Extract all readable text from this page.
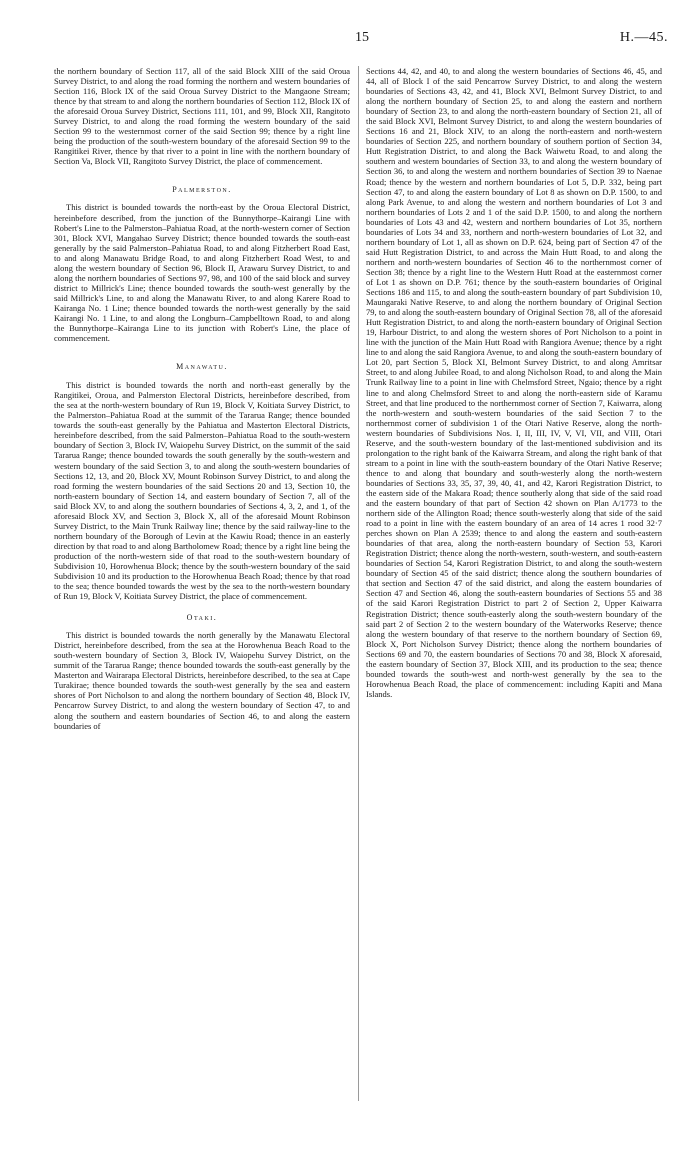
15	H.—45.

the northern boundary of Section 117, all of the said Block XIII of the said Oroua Survey District, to and along the road forming the northern and western boundaries of Section 116, Block IX of the said Oroua Survey District to the Mangaone Stream; thence by that stream to and along the northern boundaries of Section 112, Block IX of the aforesaid Oroua Survey District, Sections 111, 101, and 99, Block XII, Rangitoto Survey District, to and along the road forming the western boundary of the said Section 99 to the westernmost corner of the said Section 99; thence by a right line being the production of the south-western boundary of the aforesaid Section 99 to the Rangitikei River, thence by that river to a point in line with the northern boundary of Section Va, Block VII, Rangitoto Survey District, the place of commencement.

Palmerston.

This district is bounded towards the north-east by the Oroua Electoral District, hereinbefore described, from the junction of the Bunnythorpe–Kairangi Line with Robert's Line to the Palmerston–Pahiatua Road, at the north-western corner of Section 301, Block XVI, Mangahao Survey District; thence bounded towards the south-east generally by the said Palmerston–Pahiatua Road, to and along Fitzherbert Road East, to and along Manawatu Bridge Road, to and along Fitzherbert Road West, to and along the western boundary of Section 96, Block II, Arawaru Survey District, to and along the northern boundaries of Sections 97, 98, and 100 of the said block and survey district to Millrick's Line; thence bounded towards the south-west generally by the said Millrick's Line, to and along the Manawatu River, to and along Karere Road to Kairanga No. 1 Line; thence bounded towards the north-west generally by the said Kairangi No. 1 Line, to and along the Longburn–Campbelltown Road, to and along the Bunnythorpe–Kairanga Line to its junction with Robert's Line, the place of commencement.

Manawatu.

This district is bounded towards the north and north-east generally by the Rangitikei, Oroua, and Palmerston Electoral Districts, hereinbefore described, from the sea at the north-western boundary of Run 19, Block V, Koitiata Survey District, to the Palmerston–Pahiatua Road at the summit of the Tararua Range; thence bounded towards the south-east generally by the Pahiatua and Masterton Electoral Districts, hereinbefore described, from the said Palmerston–Pahiatua Road to the south-western boundary of Section 3, Block IV, Waiopehu Survey District, on the summit of the said Tararua Range; thence bounded towards the south generally by the south-western and western boundary of the said Section 3, to and along the south-western boundaries of Sections 12, 13, and 20, Block XV, Mount Robinson Survey District, to and along the road forming the western boundaries of the said Sections 20 and 13, Section 10, the north-eastern boundary of Section 14, and eastern boundary of Section 7, all of the said Block XV, to and along the southern boundaries of Sections 4, 3, 2, and 1, of the aforesaid Block XV, and Section 3, Block X, all of the aforesaid Mount Robinson Survey District, to the Main Trunk Railway line; thence by the said railway-line to the northern boundary of the Borough of Levin at the Kawiu Road; thence in an easterly direction by that road to and along Bartholomew Road; thence by a right line being the production of the north-western side of that road to the south-western boundary of Subdivision 10, Horowhenua Block; thence by the south-western boundary of the said Subdivision 10 and its production to the Horowhenua Beach Road; thence by that road to the sea; thence bounded towards the west by the sea to the north-western boundary of Run 19, Block V, Koitiata Survey District, the place of commencement.

Otaki.

This district is bounded towards the north generally by the Manawatu Electoral District, hereinbefore described, from the sea at the Horowhenua Beach Road to the south-western boundary of Section 3, Block IV, Waiopehu Survey District, on the summit of the Tararua Range; thence bounded towards the south-east generally by the Masterton and Wairarapa Electoral Districts, hereinbefore described, to the sea at Cape Turakirae; thence bounded towards the south-west generally by the sea and eastern shores of Port Nicholson to and along the northern boundary of Section 48, Block IV, Pencarrow Survey District, to and along the western boundary of Section 47, to and along the southern and eastern boundaries of Section 46, to and along the eastern boundaries of

Sections 44, 42, and 40, to and along the western boundaries of Sections 46, 45, and 44, all of Block I of the said Pencarrow Survey District, to and along the western boundaries of Sections 43, 42, and 41, Block XVI, Belmont Survey District, to and along the northern boundary of Section 25, to and along the eastern and northern boundary of Section 23, to and along the north-eastern boundary of Section 21, all of the said Block XVI, Belmont Survey District, to and along the western boundaries of Sections 16 and 21, Block XIV, to an along the north-eastern and north-western boundaries of Section 225, and northern boundary of southern portion of Section 34, Hutt Registration District, to and along the Back Waiwetu Road, to and along the southern and western boundaries of Section 33, to and along the western boundary of Section 36, to and along the western and northern boundaries of Section 39 to Naenae Road; thence by the western and northern boundaries of Lot 5, D.P. 332, being part Section 47, to and along the eastern boundary of Lot 8 as shown on D.P. 1500, to and along Park Avenue, to and along the western and northern boundaries of Lot 3 and northern boundaries of Lots 2 and 1 of the said D.P. 1500, to and along the northern boundaries of Lots 43 and 42, western and northern boundaries of Lot 35, northern boundaries of Lots 34 and 33, northern and north-western boundaries of Lot 32, and northern boundary of Lot 1, all as shown on D.P. 624, being part of Section 47 of the said Hutt Registration District, to and across the Main Hutt Road, to and along the northern and north-western boundaries of Section 46 to the northernmost corner of Section 38; thence by a right line to the Western Hutt Road at the easternmost corner of Lot 1 as shown on D.P. 761; thence by the south-eastern boundaries of Original Sections 186 and 115, to and along the south-eastern boundary of part Subdivision 10, Maungaraki Native Reserve, to and along the northern boundary of Original Section 79, to and along the south-eastern boundary of Original Section 78, all of the aforesaid Hutt Registration District, to and along the north-eastern boundary of Original Section 19, Harbour District, to and along the western shores of Port Nicholson to a point in line with the junction of the Main Hutt Road with Rangiora Avenue; thence by a right line to and along the said Rangiora Avenue, to and along the south-eastern boundary of Lot 20, part Section 5, Block XI, Belmont Survey District, to and along Amritsar Street, to and along Jubilee Road, to and along Nicholson Road, to and along the Main Trunk Railway line to a point in line with Chelmsford Street, Ngaio; thence by a right line to and along Chelmsford Street to and along the north-eastern side of Karamu Street, and that line produced to the northernmost corner of Section 7, Kaiwarra, along the north-western and south-western boundaries of the said Section 7 to the northernmost corner of subdivision 1 of the Otari Native Reserve, along the north-western boundaries of Subdivisions Nos. I, II, III, IV, V, VI, VII, and VIII, Otari Reserve, and the south-western boundary of the last-mentioned subdivision and its prolongation to the right bank of the Kaiwarra Stream, and along the right bank of that stream to a point in line with the south-eastern boundary of the Otari Native Reserve; thence to and along that boundary and south-westerly along the north-western boundaries of Sections 33, 35, 37, 39, 40, 41, and 42, Karori Registration District, to the eastern side of the Makara Road; thence southerly along that side of the said road and the eastern boundary of that part of Section 42 shown on Plan A/1773 to the northern side of the Allington Road; thence south-westerly along that side of the said road to a point in line with the eastern boundary of an area of 14 acres 1 rood 32·7 perches shown on Plan A 2539; thence to and along the eastern and south-eastern boundaries of that area, along the north-eastern boundary of Section 53, Karori Registration District; thence along the north-western, south-western, and south-eastern boundaries of Section 54, Karori Registration District, to and along the south-western boundary of Section 45 of the said district; thence along the southern boundaries of that section and Section 47 of the said district, and along the eastern boundaries of Section 47 and Section 46, along the south-eastern boundaries of Sections 55 and 38 of the said Karori Registration District to part 2 of Section 2, Upper Kaiwarra Registration District; thence south-easterly along the south-western boundary of the said part 2 of Section 2 to the western boundary of the Waterworks Reserve; thence along the western boundary of that reserve to the northern boundary of Section 69, Block X, Port Nicholson Survey District; thence along the northern boundaries of Sections 69 and 70, the eastern boundaries of Sections 70 and 38, Block X aforesaid, the eastern boundary of Section 37, Block XIII, and its production to the sea; thence bounded towards the south-west and north-west generally by the sea to the Horowhenua Beach Road, the place of commencement: including Kapiti and Mana Islands.
